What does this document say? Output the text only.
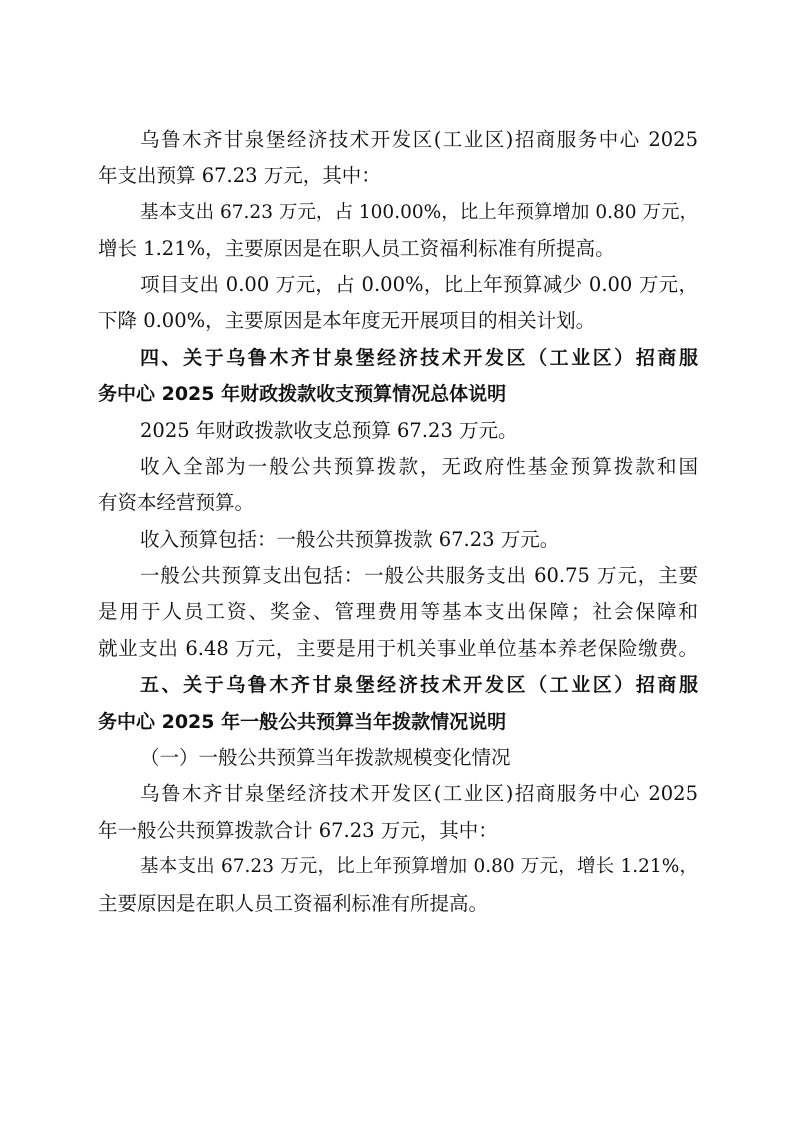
乌鲁木齐甘泉堡经济技术开发区(工业区)招商服务中心 2025
年支出预算 67.23 万元，其中：
基本支出 67.23 万元，占 100.00%，比上年预算增加 0.80 万元，
增长 1.21%，主要原因是在职人员工资福利标准有所提高。
项目支出 0.00 万元，占 0.00%，比上年预算减少 0.00 万元，
下降 0.00%，主要原因是本年度无开展项目的相关计划。
四、关于乌鲁木齐甘泉堡经济技术开发区（工业区）招商服
务中心 2025 年财政拨款收支预算情况总体说明
2025 年财政拨款收支总预算 67.23 万元。
收入全部为一般公共预算拨款，无政府性基金预算拨款和国
有资本经营预算。
收入预算包括：一般公共预算拨款 67.23 万元。
一般公共预算支出包括：一般公共服务支出 60.75 万元，主要
是用于人员工资、奖金、管理费用等基本支出保障；社会保障和
就业支出 6.48 万元，主要是用于机关事业单位基本养老保险缴费。
五、关于乌鲁木齐甘泉堡经济技术开发区（工业区）招商服
务中心 2025 年一般公共预算当年拨款情况说明
（一）一般公共预算当年拨款规模变化情况
乌鲁木齐甘泉堡经济技术开发区(工业区)招商服务中心 2025
年一般公共预算拨款合计 67.23 万元，其中：
基本支出 67.23 万元，比上年预算增加 0.80 万元，增长 1.21%，
主要原因是在职人员工资福利标准有所提高。
